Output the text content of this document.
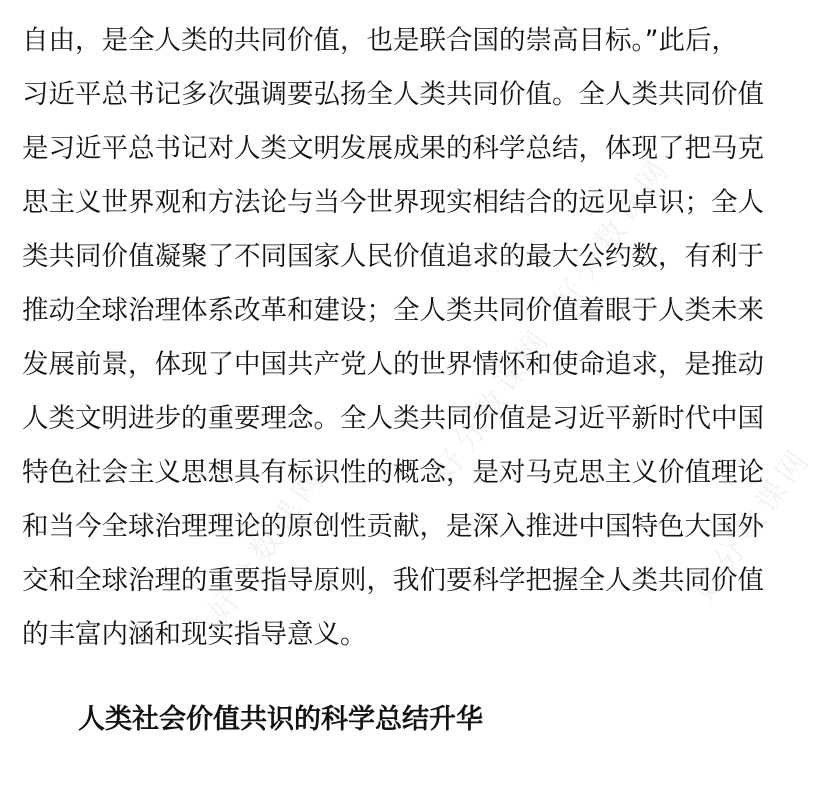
自由，是全人类的共同价值，也是联合国的崇高目标。”此后，
习近平总书记多次强调要弘扬全人类共同价值。全人类共同价值
是习近平总书记对人类文明发展成果的科学总结，体现了把马克
思主义世界观和方法论与当今世界现实相结合的远见卓识；全人
类共同价值凝聚了不同国家人民价值追求的最大公约数，有利于
推动全球治理体系改革和建设；全人类共同价值着眼于人类未来
发展前景，体现了中国共产党人的世界情怀和使命追求，是推动
人类文明进步的重要理念。全人类共同价值是习近平新时代中国
特色社会主义思想具有标识性的概念，是对马克思主义价值理论
和当今全球治理理论的原创性贡献，是深入推进中国特色大国外
交和全球治理的重要指导原则，我们要科学把握全人类共同价值
的丰富内涵和现实指导意义。

人类社会价值共识的科学总结升华
好分数课网
好分数课网
好分数课网	好分数课网
